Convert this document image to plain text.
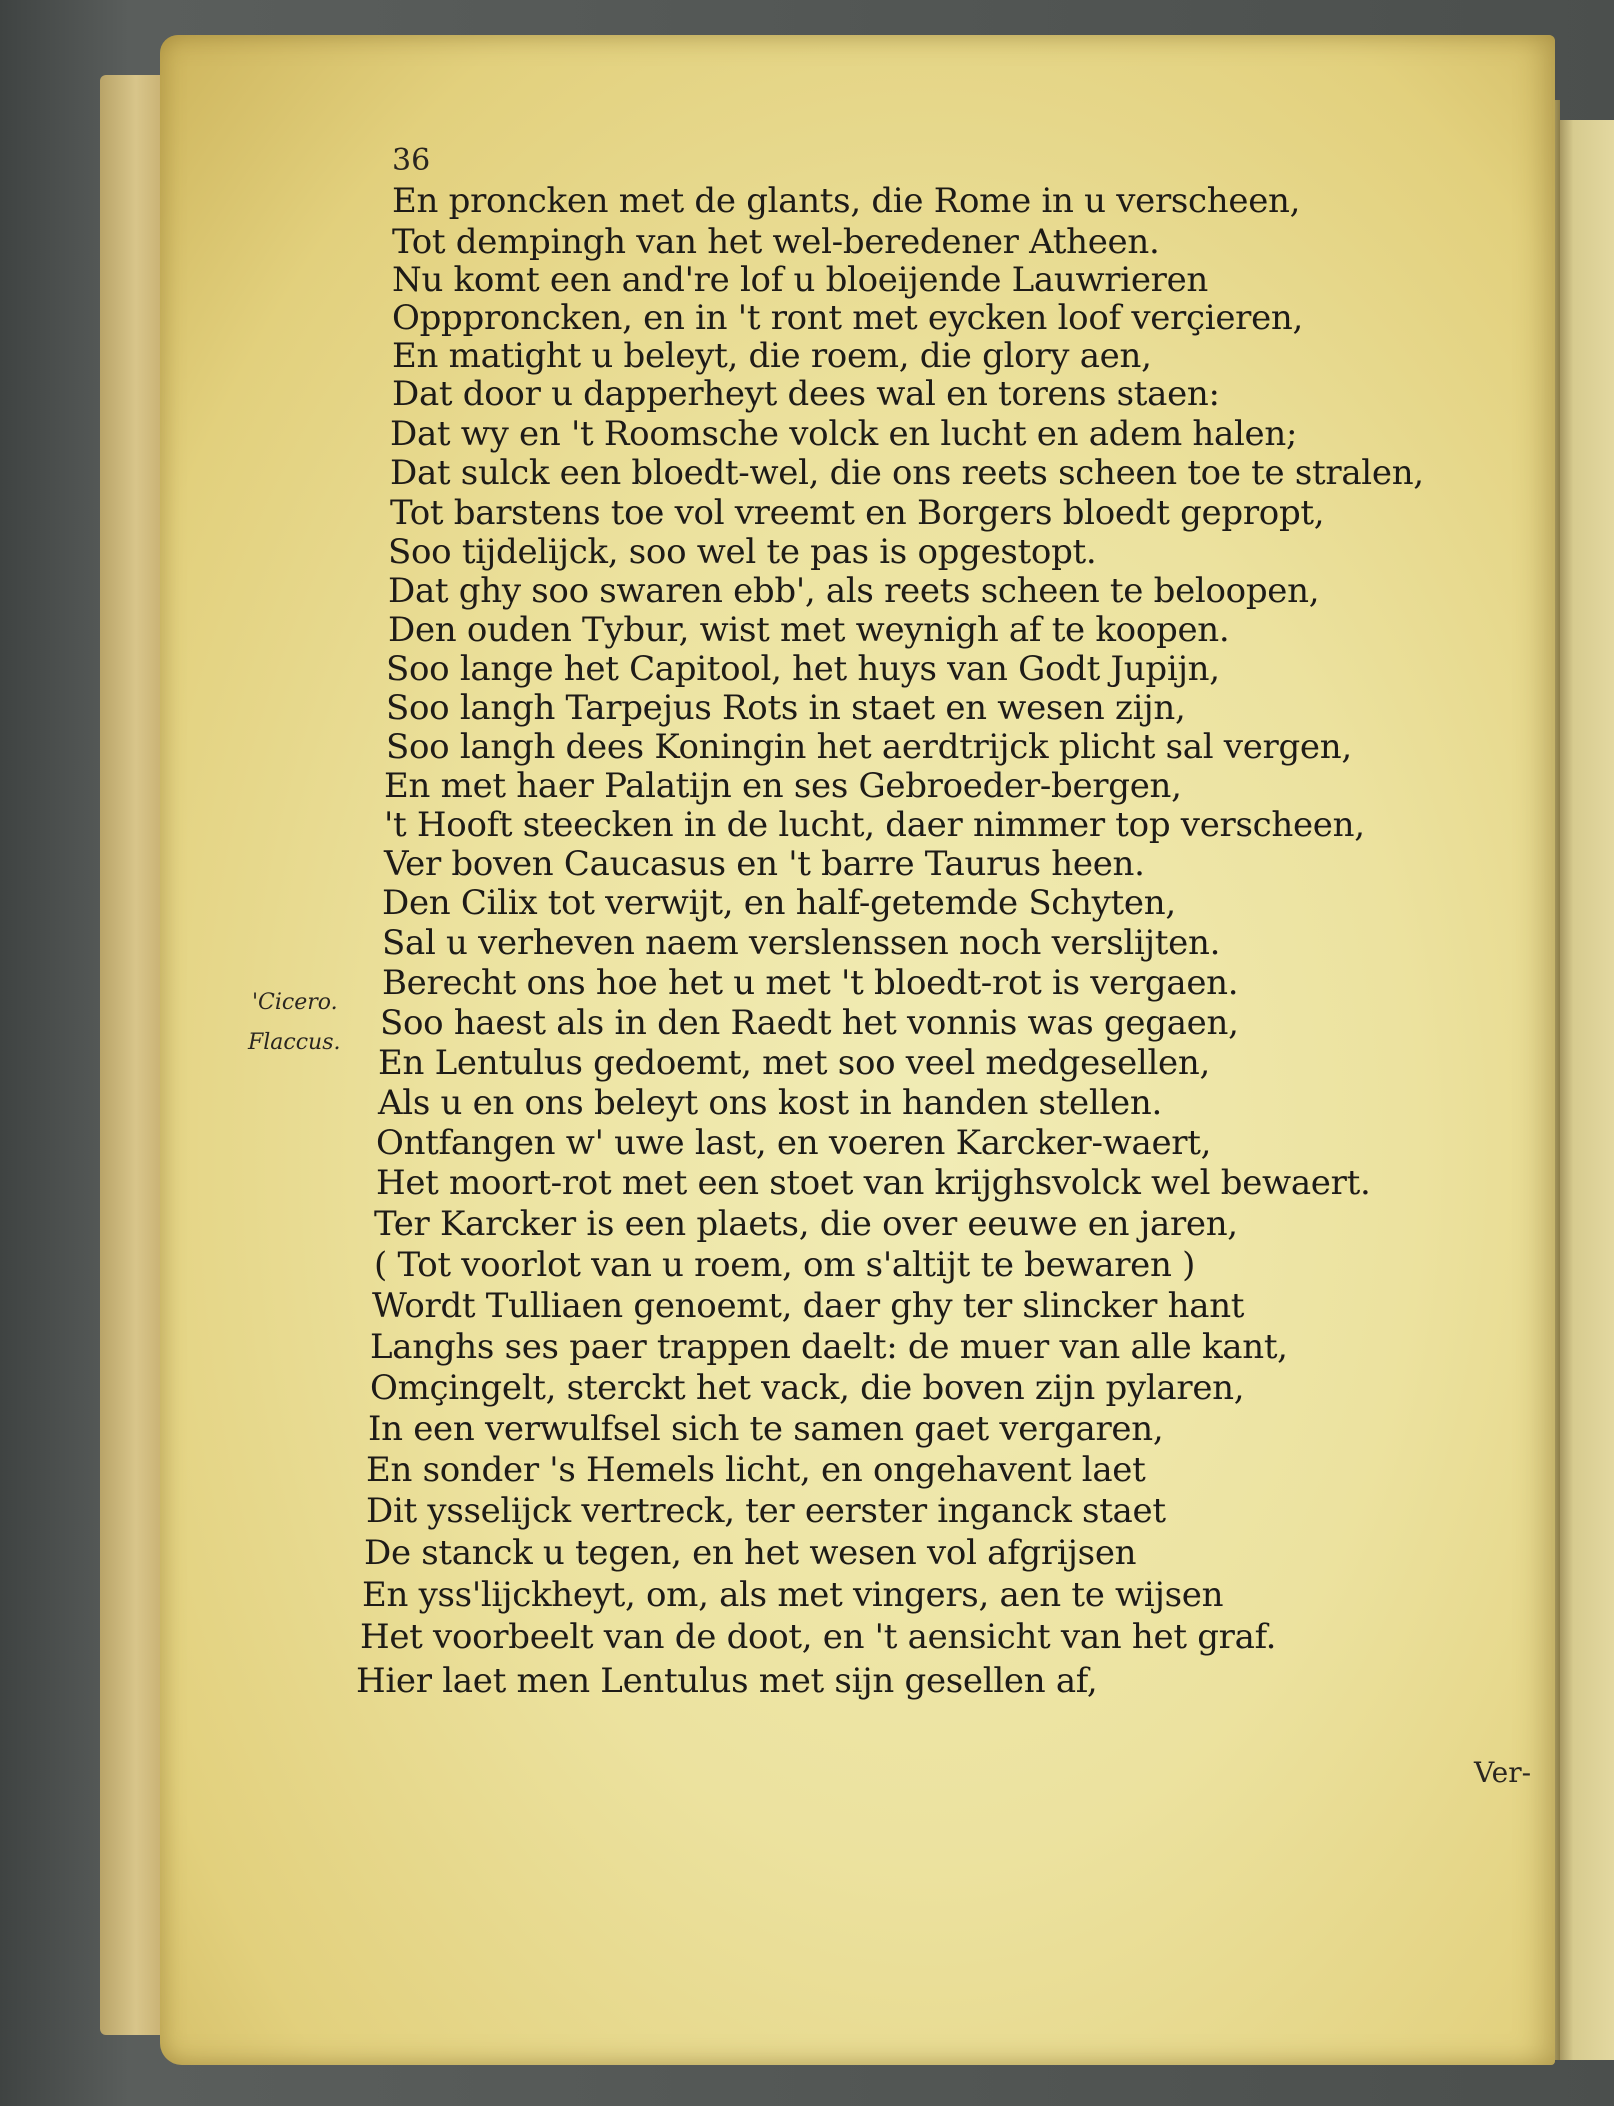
36
En proncken met de glants, die Rome in u verscheen,
Tot dempingh van het wel-beredener Atheen.
Nu komt een and're lof u bloeijende Lauwrieren
Oppproncken, en in 't ront met eycken loof verçieren,
En matight u beleyt, die roem, die glory aen,
Dat door u dapperheyt dees wal en torens staen:
Dat wy en 't Roomsche volck en lucht en adem halen;
Dat sulck een bloedt-wel, die ons reets scheen toe te stralen,
Tot barstens toe vol vreemt en Borgers bloedt gepropt,
Soo tijdelijck, soo wel te pas is opgestopt.
Dat ghy soo swaren ebb', als reets scheen te beloopen,
Den ouden Tybur, wist met weynigh af te koopen.
Soo lange het Capitool, het huys van Godt Jupijn,
Soo langh Tarpejus Rots in staet en wesen zijn,
Soo langh dees Koningin het aerdtrijck plicht sal vergen,
En met haer Palatijn en ses Gebroeder-bergen,
't Hooft steecken in de lucht, daer nimmer top verscheen,
Ver boven Caucasus en 't barre Taurus heen.
Den Cilix tot verwijt, en half-getemde Schyten,
Sal u verheven naem verslenssen noch verslijten.
Berecht ons hoe het u met 't bloedt-rot is vergaen.
Soo haest als in den Raedt het vonnis was gegaen,
En Lentulus gedoemt, met soo veel medgesellen,
Als u en ons beleyt ons kost in handen stellen.
Ontfangen w' uwe last, en voeren Karcker-waert,
Het moort-rot met een stoet van krijghsvolck wel bewaert.
Ter Karcker is een plaets, die over eeuwe en jaren,
( Tot voorlot van u roem, om s'altijt te bewaren )
Wordt Tulliaen genoemt, daer ghy ter slincker hant
Langhs ses paer trappen daelt: de muer van alle kant,
Omçingelt, sterckt het vack, die boven zijn pylaren,
In een verwulfsel sich te samen gaet vergaren,
En sonder 's Hemels licht, en ongehavent laet
Dit ysselijck vertreck, ter eerster inganck staet
De stanck u tegen, en het wesen vol afgrijsen
En yss'lijckheyt, om, als met vingers, aen te wijsen
Het voorbeelt van de doot, en 't aensicht van het graf.
Hier laet men Lentulus met sijn gesellen af,
'Cicero.
Flaccus.
Ver-
